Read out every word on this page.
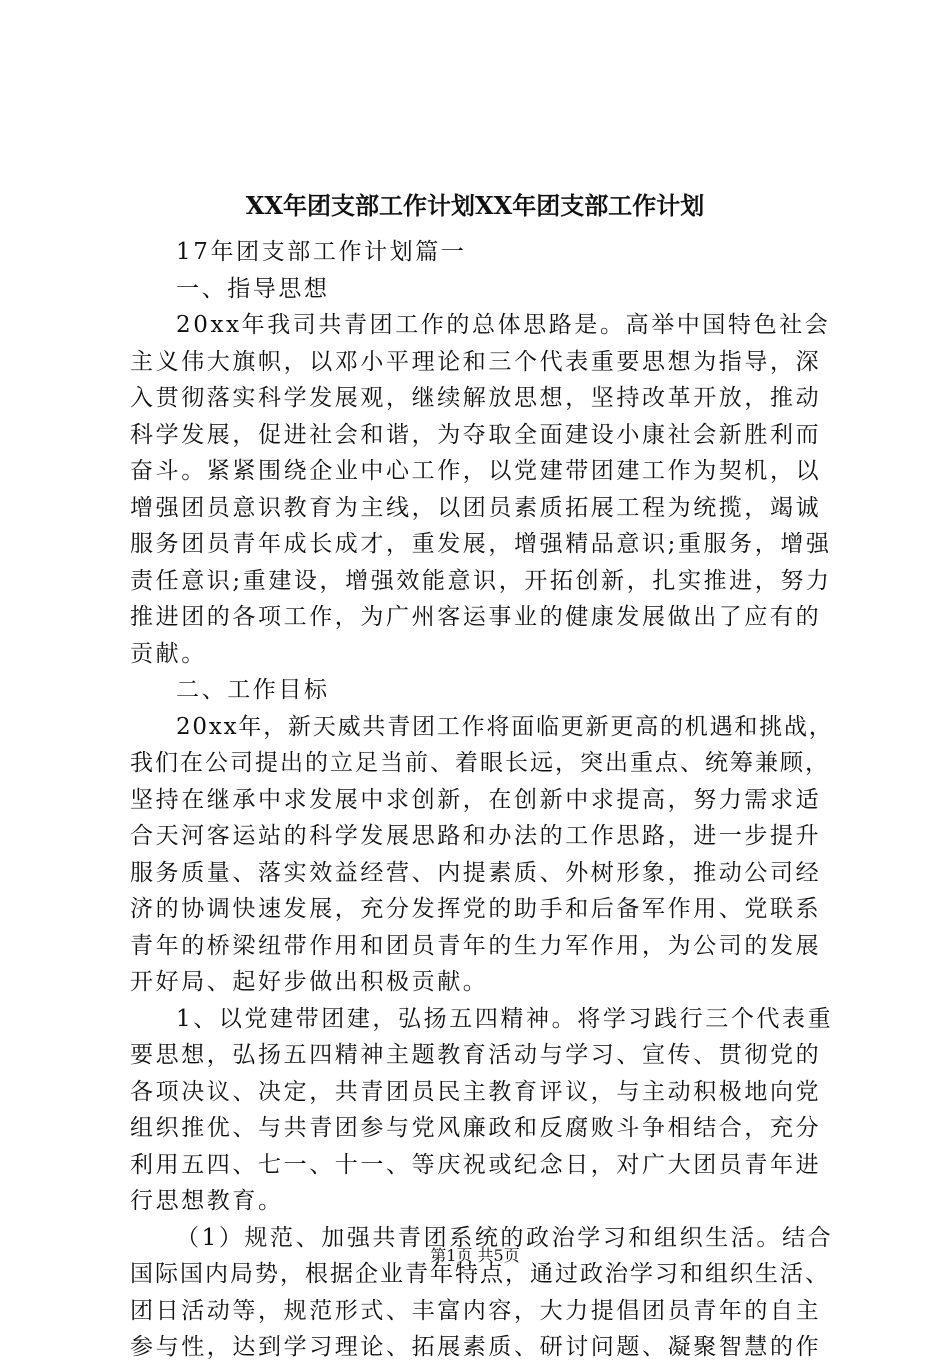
XX年团支部工作计划XX年团支部工作计划
17年团支部工作计划篇一
一、指导思想
20xx年我司共青团工作的总体思路是。高举中国特色社会
主义伟大旗帜，以邓小平理论和三个代表重要思想为指导，深
入贯彻落实科学发展观，继续解放思想，坚持改革开放，推动
科学发展，促进社会和谐，为夺取全面建设小康社会新胜利而
奋斗。紧紧围绕企业中心工作，以党建带团建工作为契机，以
增强团员意识教育为主线，以团员素质拓展工程为统揽，竭诚
服务团员青年成长成才，重发展，增强精品意识;重服务，增强
责任意识;重建设，增强效能意识，开拓创新，扎实推进，努力
推进团的各项工作，为广州客运事业的健康发展做出了应有的
贡献。
二、工作目标
20xx年，新天威共青团工作将面临更新更高的机遇和挑战，
我们在公司提出的立足当前、着眼长远，突出重点、统筹兼顾，
坚持在继承中求发展中求创新，在创新中求提高，努力需求适
合天河客运站的科学发展思路和办法的工作思路，进一步提升
服务质量、落实效益经营、内提素质、外树形象，推动公司经
济的协调快速发展，充分发挥党的助手和后备军作用、党联系
青年的桥梁纽带作用和团员青年的生力军作用，为公司的发展
开好局、起好步做出积极贡献。
1、以党建带团建，弘扬五四精神。将学习践行三个代表重
要思想，弘扬五四精神主题教育活动与学习、宣传、贯彻党的
各项决议、决定，共青团员民主教育评议，与主动积极地向党
组织推优、与共青团参与党风廉政和反腐败斗争相结合，充分
利用五四、七一、十一、等庆祝或纪念日，对广大团员青年进
行思想教育。
（1）规范、加强共青团系统的政治学习和组织生活。结合
国际国内局势，根据企业青年特点，通过政治学习和组织生活、
团日活动等，规范形式、丰富内容，大力提倡团员青年的自主
参与性，达到学习理论、拓展素质、研讨问题、凝聚智慧的作
第1页 共5页
